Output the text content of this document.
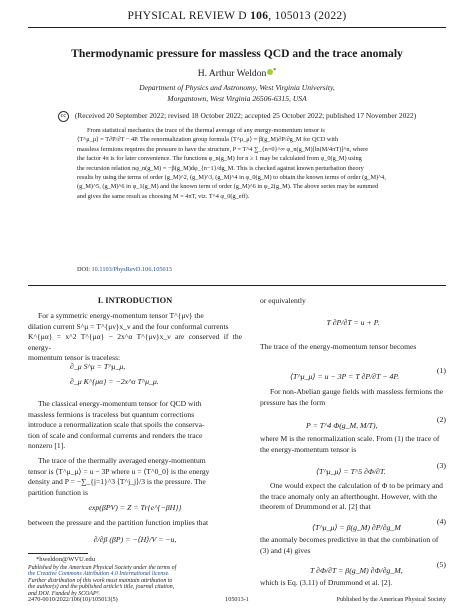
PHYSICAL REVIEW D 106, 105013 (2022)
Thermodynamic pressure for massless QCD and the trace anomaly
H. Arthur Weldon *
Department of Physics and Astronomy, West Virginia University,
Morgantown, West Virginia 26506-6315, USA
cc (Received 20 September 2022; revised 18 October 2022; accepted 25 October 2022; published 17 November 2022)
From statistical mechanics the trace of the thermal average of any energy-momentum tensor is
⟨T^μ_μ⟩ = T∂P/∂T − 4P. The renormalization group formula ⟨T^μ_μ⟩ = β(g_M)∂P/∂g_M for QCD with
massless fermions requires the pressure to have the structure, P = T^4 ∑_{n=0}^∞ φ_n(g_M)[ln(M/4πT)]^n, where
the factor 4π is for later convenience. The functions φ_n(g_M) for n ≥ 1 may be calculated from φ_0(g_M) using
the recursion relation nφ_n(g_M) = −β(g_M)dφ_{n−1}/dg_M. This is checked against known perturbation theory
results by using the terms of order (g_M)^2, (g_M)^3, (g_M)^4 in φ_0(g_M) to obtain the known terms of order (g_M)^4,
(g_M)^5, (g_M)^6 in φ_1(g_M) and the known term of order (g_M)^6 in φ_2(g_M). The above series may be summed
and gives the same result as choosing M = 4πT, viz. T^4 φ_0(g_eff).
DOI: 10.1103/PhysRevD.106.105013
I. INTRODUCTION
For a symmetric energy-momentum tensor T^{μν} the
dilation current S^μ = T^{μν}x_ν and the four conformal currents
K^{μα} = x^2 T^{μα} − 2x^α T^{μν}x_ν are conserved if the energy-
momentum tensor is traceless:
∂_μ S^μ = T^μ_μ,
∂_μ K^{μα} = −2x^α T^μ_μ.
The classical energy-momentum tensor for QCD with
massless fermions is traceless but quantum corrections
introduce a renormalization scale that spoils the conserva-
tion of scale and conformal currents and renders the trace
nonzero [1].
The trace of the thermally averaged energy-momentum
tensor is ⟨T^μ_μ⟩ = u − 3P where u = ⟨T^0_0⟩ is the energy
density and P = −∑_{j=1}^3 ⟨T^j_j⟩/3 is the pressure. The
partition function is
exp(βPV) = Z = Tr{e^{−βH}}
between the pressure and the partition function implies that
∂/∂β (βP) = −⟨H⟩/V = −u,
*hweldon@WVU.edu
Published by the American Physical Society under the terms of
the Creative Commons Attribution 4.0 International license.
Further distribution of this work must maintain attribution to
the author(s) and the published article’s title, journal citation,
and DOI. Funded by SCOAP³.
or equivalently
T ∂P/∂T = u + P.
The trace of the energy-momentum tensor becomes
⟨T^μ_μ⟩ = u − 3P = T ∂P/∂T − 4P.
(1)
For non-Abelian gauge fields with massless fermions the
pressure has the form
P = T^4 Φ(g_M, M/T),
(2)
where M is the renormalization scale. From (1) the trace of
the energy-momentum tensor is
⟨T^μ_μ⟩ = T^5 ∂Φ/∂T.
(3)
One would expect the calculation of Φ to be primary and
the trace anomaly only an afterthought. However, with the
theorem of Drummond et al. [2] that
⟨T^μ_μ⟩ = β(g_M) ∂P/∂g_M
(4)
the anomaly becomes predictive in that the combination of
(3) and (4) gives
T ∂Φ/∂T = β(g_M) ∂Φ/∂g_M,
(5)
which is Eq. (3.11) of Drummond et al. [2].
2470-0010/2022/106(10)/105013(5)	105013-1	Published by the American Physical Society
